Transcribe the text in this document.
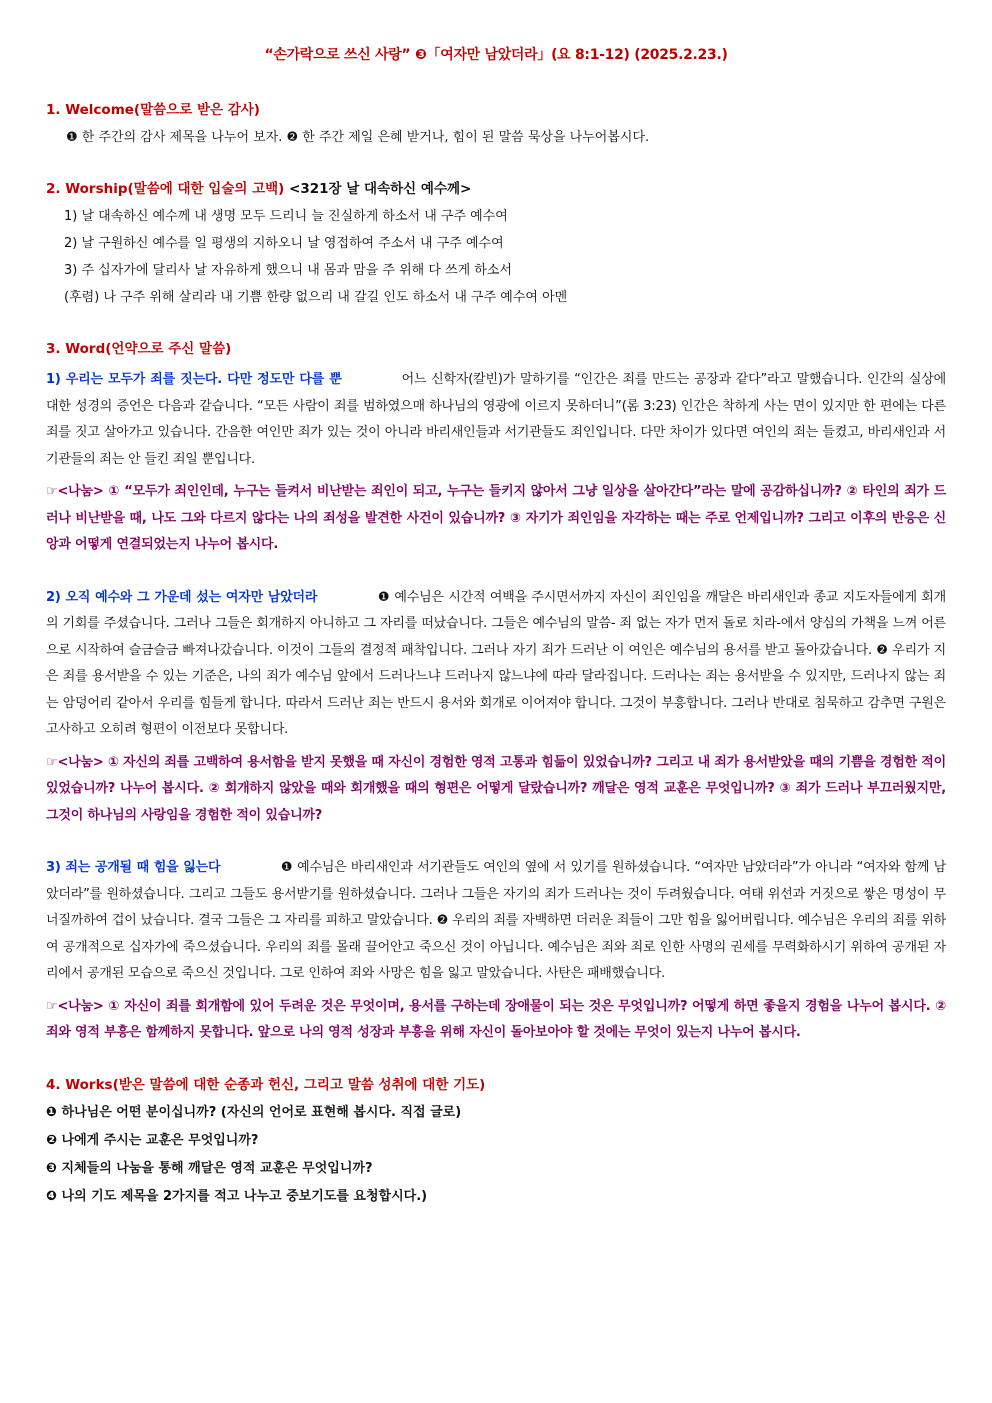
“손가락으로 쓰신 사랑” ❸「여자만 남았더라」(요 8:1-12) (2025.2.23.)
1. Welcome(말씀으로 받은 감사)
❶ 한 주간의 감사 제목을 나누어 보자. ❷ 한 주간 제일 은혜 받거나, 힘이 된 말씀 묵상을 나누어봅시다.
2. Worship(말씀에 대한 입술의 고백) <321장 날 대속하신 예수께>
1) 날 대속하신 예수께 내 생명 모두 드리니 늘 진실하게 하소서 내 구주 예수여
2) 날 구원하신 예수를 일 평생의 지하오니 날 영접하여 주소서 내 구주 예수여
3) 주 십자가에 달리사 날 자유하게 했으니 내 몸과 맘을 주 위해 다 쓰게 하소서
(후렴) 나 구주 위해 살리라 내 기쁨 한량 없으리 내 갈길 인도 하소서 내 구주 예수여 아멘
3. Word(언약으로 주신 말씀)
1) 우리는 모두가 죄를 짓는다. 다만 정도만 다를 뿐	어느 신학자(칼빈)가 말하기를 “인간은 죄를 만드는 공장과 같다”라고 말했습니다. 인간의 실상에 대한 성경의 증언은 다음과 같습니다. “모든 사람이 죄를 범하였으매 하나님의 영광에 이르지 못하더니”(롬 3:23) 인간은 착하게 사는 면이 있지만 한 편에는 다른 죄를 짓고 살아가고 있습니다. 간음한 여인만 죄가 있는 것이 아니라 바리새인들과 서기관들도 죄인입니다. 다만 차이가 있다면 여인의 죄는 들켰고, 바리새인과 서기관들의 죄는 안 들킨 죄일 뿐입니다.
☞<나눔> ① “모두가 죄인인데, 누구는 들켜서 비난받는 죄인이 되고, 누구는 들키지 않아서 그냥 일상을 살아간다”라는 말에 공감하십니까? ② 타인의 죄가 드러나 비난받을 때, 나도 그와 다르지 않다는 나의 죄성을 발견한 사건이 있습니까? ③ 자기가 죄인임을 자각하는 때는 주로 언제입니까? 그리고 이후의 반응은 신앙과 어떻게 연결되었는지 나누어 봅시다.
2) 오직 예수와 그 가운데 섰는 여자만 남았더라	❶ 예수님은 시간적 여백을 주시면서까지 자신이 죄인임을 깨달은 바리새인과 종교 지도자들에게 회개의 기회를 주셨습니다. 그러나 그들은 회개하지 아니하고 그 자리를 떠났습니다. 그들은 예수님의 말씀- 죄 없는 자가 먼저 돌로 치라-에서 양심의 가책을 느껴 어른으로 시작하여 슬금슬금 빠져나갔습니다. 이것이 그들의 결정적 패착입니다. 그러나 자기 죄가 드러난 이 여인은 예수님의 용서를 받고 돌아갔습니다. ❷ 우리가 지은 죄를 용서받을 수 있는 기준은, 나의 죄가 예수님 앞에서 드러나느냐 드러나지 않느냐에 따라 달라집니다. 드러나는 죄는 용서받을 수 있지만, 드러나지 않는 죄는 암덩어리 같아서 우리를 힘들게 합니다. 따라서 드러난 죄는 반드시 용서와 회개로 이어져야 합니다. 그것이 부흥합니다. 그러나 반대로 침묵하고 감추면 구원은 고사하고 오히려 형편이 이전보다 못합니다.
☞<나눔> ① 자신의 죄를 고백하여 용서함을 받지 못했을 때 자신이 경험한 영적 고통과 힘듦이 있었습니까? 그리고 내 죄가 용서받았을 때의 기쁨을 경험한 적이 있었습니까? 나누어 봅시다. ② 회개하지 않았을 때와 회개했을 때의 형편은 어떻게 달랐습니까? 깨달은 영적 교훈은 무엇입니까? ③ 죄가 드러나 부끄러웠지만, 그것이 하나님의 사랑임을 경험한 적이 있습니까?
3) 죄는 공개될 때 힘을 잃는다	❶ 예수님은 바리새인과 서기관들도 여인의 옆에 서 있기를 원하셨습니다. “여자만 남았더라”가 아니라 “여자와 함께 남았더라”를 원하셨습니다. 그리고 그들도 용서받기를 원하셨습니다. 그러나 그들은 자기의 죄가 드러나는 것이 두려웠습니다. 여태 위선과 거짓으로 쌓은 명성이 무너질까하여 겁이 났습니다. 결국 그들은 그 자리를 피하고 말았습니다. ❷ 우리의 죄를 자백하면 더러운 죄들이 그만 힘을 잃어버립니다. 예수님은 우리의 죄를 위하여 공개적으로 십자가에 죽으셨습니다. 우리의 죄를 몰래 끌어안고 죽으신 것이 아닙니다. 예수님은 죄와 죄로 인한 사명의 권세를 무력화하시기 위하여 공개된 자리에서 공개된 모습으로 죽으신 것입니다. 그로 인하여 죄와 사망은 힘을 잃고 말았습니다. 사탄은 패배했습니다.
☞<나눔> ① 자신이 죄를 회개함에 있어 두려운 것은 무엇이며, 용서를 구하는데 장애물이 되는 것은 무엇입니까? 어떻게 하면 좋을지 경험을 나누어 봅시다. ② 죄와 영적 부흥은 함께하지 못합니다. 앞으로 나의 영적 성장과 부흥을 위해 자신이 돌아보아야 할 것에는 무엇이 있는지 나누어 봅시다.
4. Works(받은 말씀에 대한 순종과 헌신, 그리고 말씀 성취에 대한 기도)
❶ 하나님은 어떤 분이십니까? (자신의 언어로 표현해 봅시다. 직접 글로)
❷ 나에게 주시는 교훈은 무엇입니까?
❸ 지체들의 나눔을 통해 깨달은 영적 교훈은 무엇입니까?
❹ 나의 기도 제목을 2가지를 적고 나누고 중보기도를 요청합시다.)
